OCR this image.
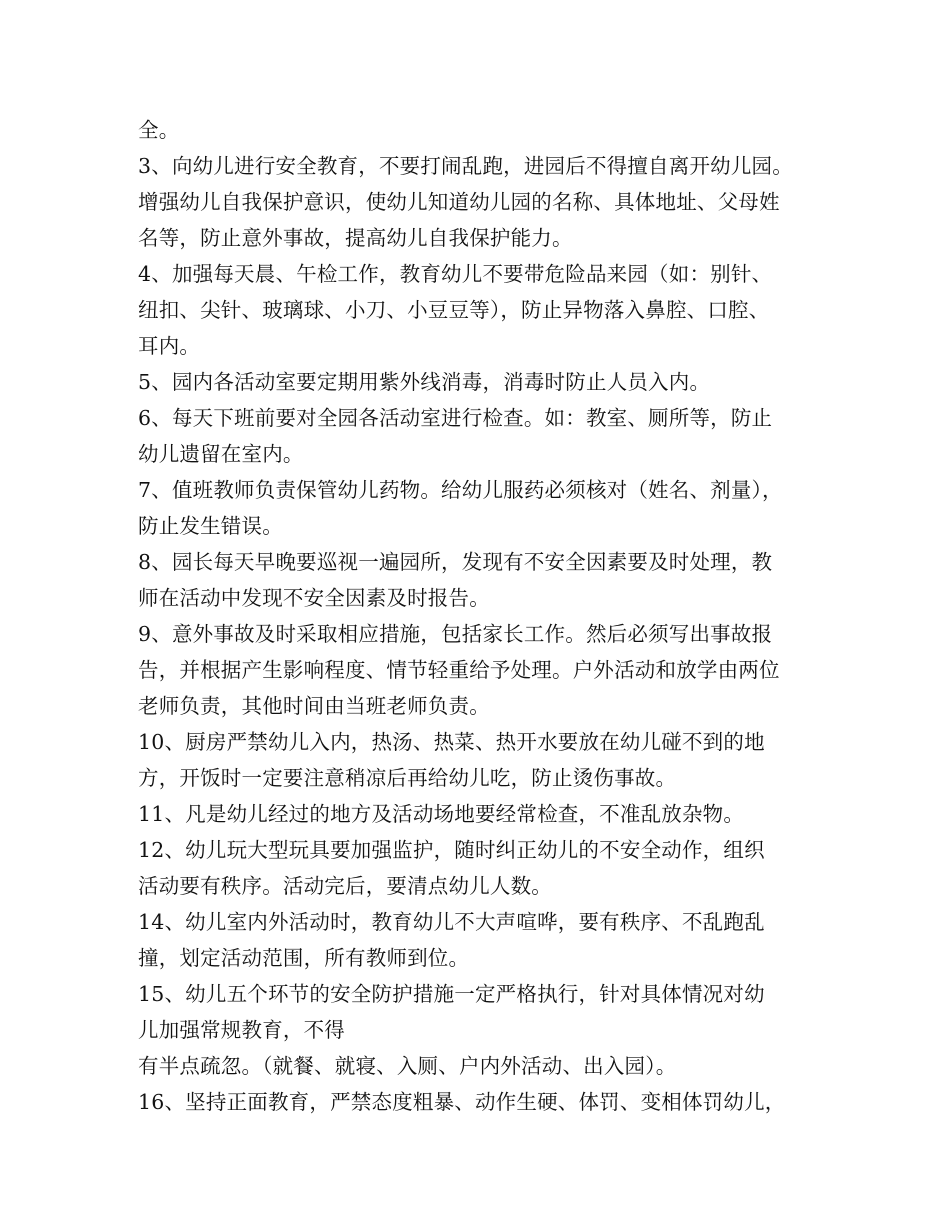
全。
3、向幼儿进行安全教育，不要打闹乱跑，进园后不得擅自离开幼儿园。
增强幼儿自我保护意识，使幼儿知道幼儿园的名称、具体地址、父母姓
名等，防止意外事故，提高幼儿自我保护能力。
4、加强每天晨、午检工作，教育幼儿不要带危险品来园（如：别针、
纽扣、尖针、玻璃球、小刀、小豆豆等），防止异物落入鼻腔、口腔、
耳内。
5、园内各活动室要定期用紫外线消毒，消毒时防止人员入内。
6、每天下班前要对全园各活动室进行检查。如：教室、厕所等，防止
幼儿遗留在室内。
7、值班教师负责保管幼儿药物。给幼儿服药必须核对（姓名、剂量），
防止发生错误。
8、园长每天早晚要巡视一遍园所，发现有不安全因素要及时处理，教
师在活动中发现不安全因素及时报告。
9、意外事故及时采取相应措施，包括家长工作。然后必须写出事故报
告，并根据产生影响程度、情节轻重给予处理。户外活动和放学由两位
老师负责，其他时间由当班老师负责。
10、厨房严禁幼儿入内，热汤、热菜、热开水要放在幼儿碰不到的地
方，开饭时一定要注意稍凉后再给幼儿吃，防止烫伤事故。
11、凡是幼儿经过的地方及活动场地要经常检查，不准乱放杂物。
12、幼儿玩大型玩具要加强监护，随时纠正幼儿的不安全动作，组织
活动要有秩序。活动完后，要清点幼儿人数。
14、幼儿室内外活动时，教育幼儿不大声喧哗，要有秩序、不乱跑乱
撞，划定活动范围，所有教师到位。
15、幼儿五个环节的安全防护措施一定严格执行，针对具体情况对幼
儿加强常规教育，不得
有半点疏忽。（就餐、就寝、入厕、户内外活动、出入园）。
16、坚持正面教育，严禁态度粗暴、动作生硬、体罚、变相体罚幼儿，
